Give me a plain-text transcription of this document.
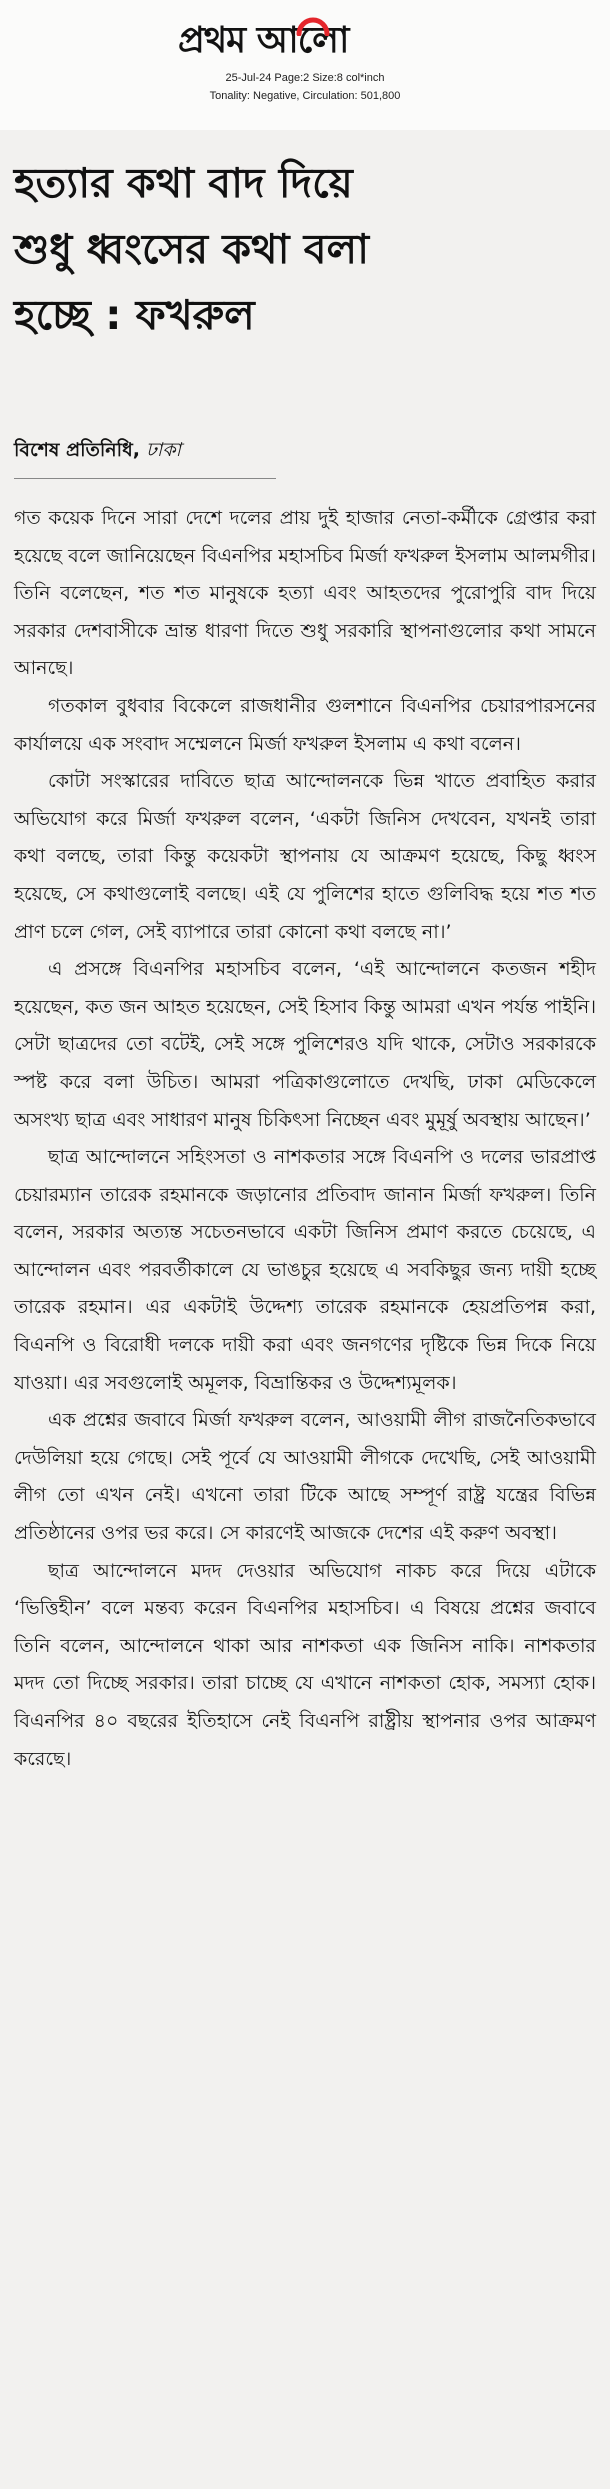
প্রথম আলো
25-Jul-24 Page:2 Size:8 col*inch
Tonality: Negative, Circulation: 501,800
হত্যার কথা বাদ দিয়ে
শুধু ধ্বংসের কথা বলা
হচ্ছে : ফখরুল
বিশেষ প্রতিনিধি, ঢাকা

গত কয়েক দিনে সারা দেশে দলের প্রায় দুই হাজার নেতা-কর্মীকে গ্রেপ্তার করা হয়েছে বলে জানিয়েছেন বিএনপির মহাসচিব মির্জা ফখরুল ইসলাম আলমগীর। তিনি বলেছেন, শত শত মানুষকে হত্যা এবং আহতদের পুরোপুরি বাদ দিয়ে সরকার দেশবাসীকে ভ্রান্ত ধারণা দিতে শুধু সরকারি স্থাপনাগুলোর কথা সামনে আনছে।

গতকাল বুধবার বিকেলে রাজধানীর গুলশানে বিএনপির চেয়ারপারসনের কার্যালয়ে এক সংবাদ সম্মেলনে মির্জা ফখরুল ইসলাম এ কথা বলেন।

কোটা সংস্কারের দাবিতে ছাত্র আন্দোলনকে ভিন্ন খাতে প্রবাহিত করার অভিযোগ করে মির্জা ফখরুল বলেন, ‘একটা জিনিস দেখবেন, যখনই তারা কথা বলছে, তারা কিন্তু কয়েকটা স্থাপনায় যে আক্রমণ হয়েছে, কিছু ধ্বংস হয়েছে, সে কথাগুলোই বলছে। এই যে পুলিশের হাতে গুলিবিদ্ধ হয়ে শত শত প্রাণ চলে গেল, সেই ব্যাপারে তারা কোনো কথা বলছে না।’

এ প্রসঙ্গে বিএনপির মহাসচিব বলেন, ‘এই আন্দোলনে কতজন শহীদ হয়েছেন, কত জন আহত হয়েছেন, সেই হিসাব কিন্তু আমরা এখন পর্যন্ত পাইনি। সেটা ছাত্রদের তো বটেই, সেই সঙ্গে পুলিশেরও যদি থাকে, সেটাও সরকারকে স্পষ্ট করে বলা উচিত। আমরা পত্রিকাগুলোতে দেখছি, ঢাকা মেডিকেলে অসংখ্য ছাত্র এবং সাধারণ মানুষ চিকিৎসা নিচ্ছেন এবং মুমূর্ষু অবস্থায় আছেন।’

ছাত্র আন্দোলনে সহিংসতা ও নাশকতার সঙ্গে বিএনপি ও দলের ভারপ্রাপ্ত চেয়ারম্যান তারেক রহমানকে জড়ানোর প্রতিবাদ জানান মির্জা ফখরুল। তিনি বলেন, সরকার অত্যন্ত সচেতনভাবে একটা জিনিস প্রমাণ করতে চেয়েছে, এ আন্দোলন এবং পরবর্তীকালে যে ভাঙচুর হয়েছে এ সবকিছুর জন্য দায়ী হচ্ছে তারেক রহমান। এর একটাই উদ্দেশ্য তারেক রহমানকে হেয়প্রতিপন্ন করা, বিএনপি ও বিরোধী দলকে দায়ী করা এবং জনগণের দৃষ্টিকে ভিন্ন দিকে নিয়ে যাওয়া। এর সবগুলোই অমূলক, বিভ্রান্তিকর ও উদ্দেশ্যমূলক।

এক প্রশ্নের জবাবে মির্জা ফখরুল বলেন, আওয়ামী লীগ রাজনৈতিকভাবে দেউলিয়া হয়ে গেছে। সেই পূর্বে যে আওয়ামী লীগকে দেখেছি, সেই আওয়ামী লীগ তো এখন নেই। এখনো তারা টিকে আছে সম্পূর্ণ রাষ্ট্র যন্ত্রের বিভিন্ন প্রতিষ্ঠানের ওপর ভর করে। সে কারণেই আজকে দেশের এই করুণ অবস্থা।

ছাত্র আন্দোলনে মদদ দেওয়ার অভিযোগ নাকচ করে দিয়ে এটাকে ‘ভিত্তিহীন’ বলে মন্তব্য করেন বিএনপির মহাসচিব। এ বিষয়ে প্রশ্নের জবাবে তিনি বলেন, আন্দোলনে থাকা আর নাশকতা এক জিনিস নাকি। নাশকতার মদদ তো দিচ্ছে সরকার। তারা চাচ্ছে যে এখানে নাশকতা হোক, সমস্যা হোক। বিএনপির ৪০ বছরের ইতিহাসে নেই বিএনপি রাষ্ট্রীয় স্থাপনার ওপর আক্রমণ করেছে।
